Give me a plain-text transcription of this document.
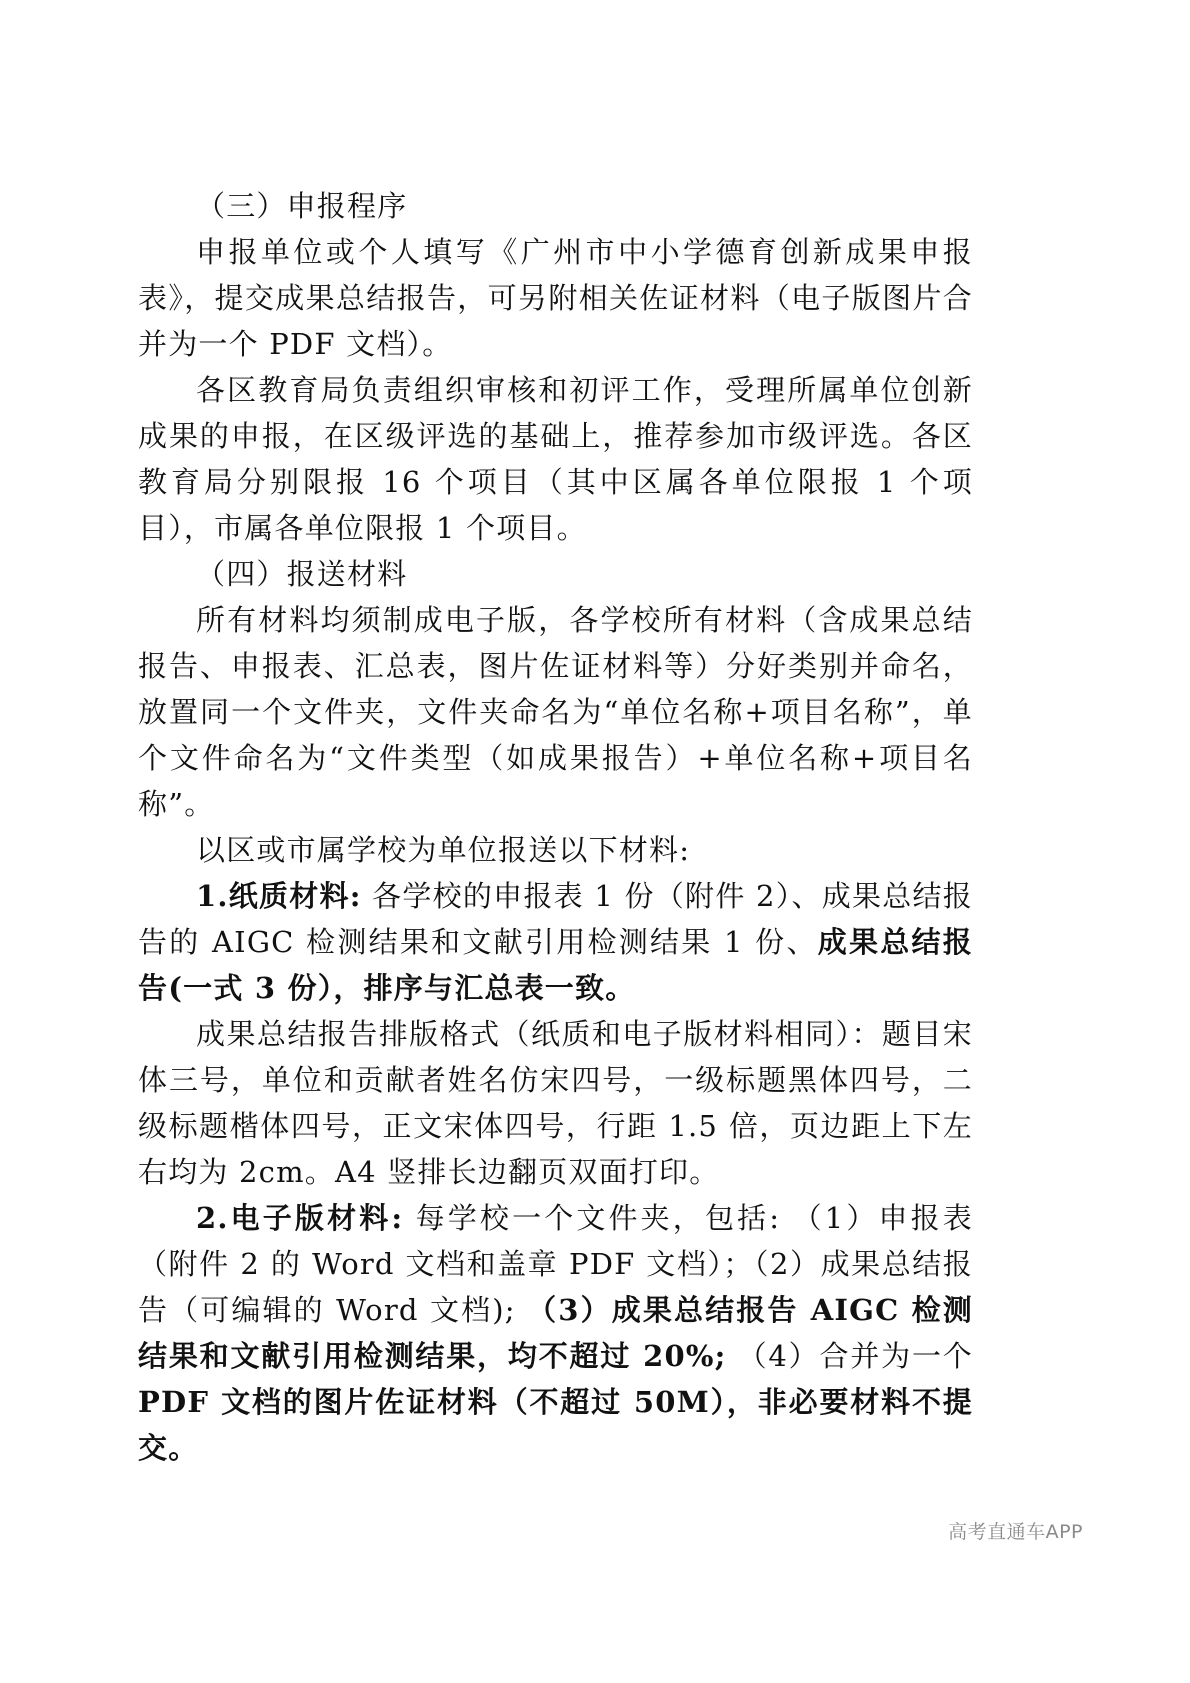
（三）申报程序

申报单位或个人填写《广州市中小学德育创新成果申报表》，提交成果总结报告，可另附相关佐证材料（电子版图片合并为一个 PDF 文档）。

各区教育局负责组织审核和初评工作，受理所属单位创新成果的申报，在区级评选的基础上，推荐参加市级评选。各区教育局分别限报 16 个项目（其中区属各单位限报 1 个项目），市属各单位限报 1 个项目。

（四）报送材料

所有材料均须制成电子版，各学校所有材料（含成果总结报告、申报表、汇总表，图片佐证材料等）分好类别并命名，放置同一个文件夹，文件夹命名为“单位名称+项目名称”，单个文件命名为“文件类型（如成果报告）+单位名称+项目名称”。

以区或市属学校为单位报送以下材料:

1.纸质材料: 各学校的申报表 1 份（附件 2）、成果总结报告的 AIGC 检测结果和文献引用检测结果 1 份、成果总结报告(一式 3 份），排序与汇总表一致。

成果总结报告排版格式（纸质和电子版材料相同）：题目宋体三号，单位和贡献者姓名仿宋四号，一级标题黑体四号，二级标题楷体四号，正文宋体四号，行距 1.5 倍，页边距上下左右均为 2cm。A4 竖排长边翻页双面打印。

2.电子版材料: 每学校一个文件夹，包括: （1）申报表（附件 2 的 Word 文档和盖章 PDF 文档）；（2）成果总结报告（可编辑的 Word 文档); （3）成果总结报告 AIGC 检测结果和文献引用检测结果，均不超过 20%; （4）合并为一个 PDF 文档的图片佐证材料（不超过 50M），非必要材料不提交。

高考直通车APP
